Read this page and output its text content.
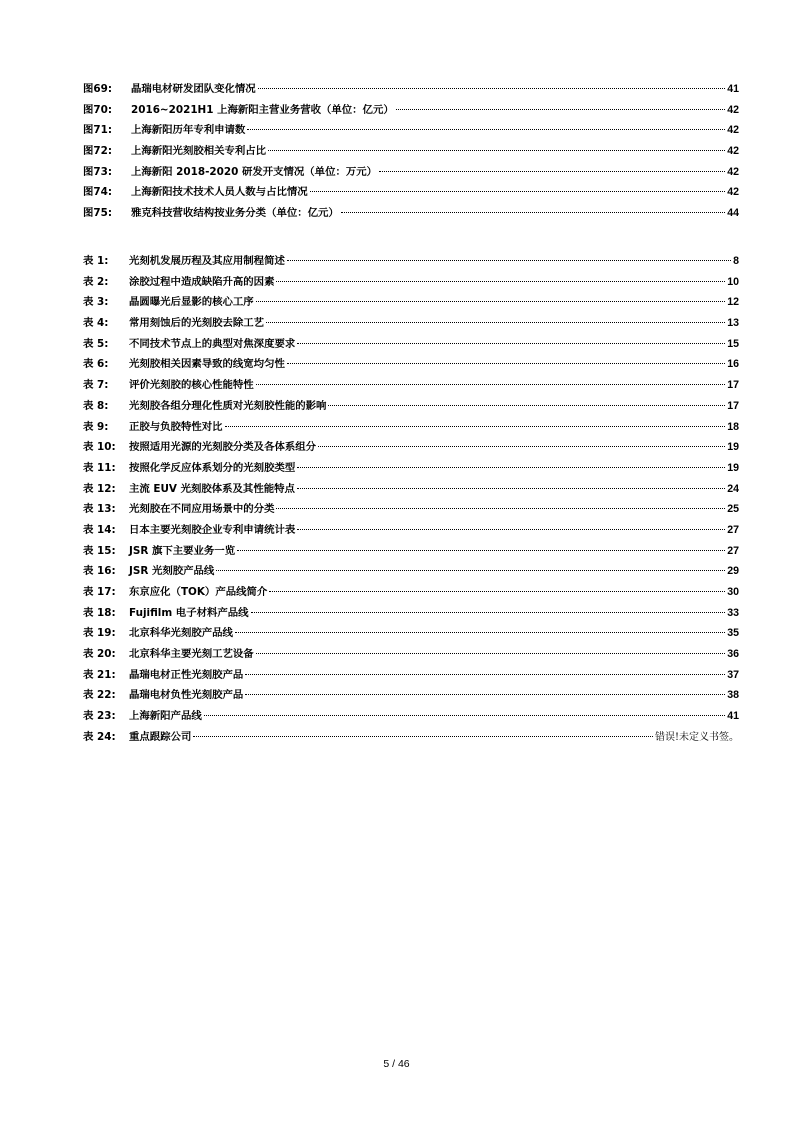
图69:	晶瑞电材研发团队变化情况	41
图70:	2016~2021H1 上海新阳主营业务营收（单位：亿元）	42
图71:	上海新阳历年专利申请数	42
图72:	上海新阳光刻胶相关专利占比	42
图73:	上海新阳 2018-2020 研发开支情况（单位：万元）	42
图74:	上海新阳技术技术人员人数与占比情况	42
图75:	雅克科技营收结构按业务分类（单位：亿元）	44
表 1:	光刻机发展历程及其应用制程简述	8
表 2:	涂胶过程中造成缺陷升高的因素	10
表 3:	晶圆曝光后显影的核心工序	12
表 4:	常用刻蚀后的光刻胶去除工艺	13
表 5:	不同技术节点上的典型对焦深度要求	15
表 6:	光刻胶相关因素导致的线宽均匀性	16
表 7:	评价光刻胶的核心性能特性	17
表 8:	光刻胶各组分理化性质对光刻胶性能的影响	17
表 9:	正胶与负胶特性对比	18
表 10:	按照适用光源的光刻胶分类及各体系组分	19
表 11:	按照化学反应体系划分的光刻胶类型	19
表 12:	主流 EUV 光刻胶体系及其性能特点	24
表 13:	光刻胶在不同应用场景中的分类	25
表 14:	日本主要光刻胶企业专利申请统计表	27
表 15:	JSR 旗下主要业务一览	27
表 16:	JSR 光刻胶产品线	29
表 17:	东京应化（TOK）产品线简介	30
表 18:	Fujifilm 电子材料产品线	33
表 19:	北京科华光刻胶产品线	35
表 20:	北京科华主要光刻工艺设备	36
表 21:	晶瑞电材正性光刻胶产品	37
表 22:	晶瑞电材负性光刻胶产品	38
表 23:	上海新阳产品线	41
表 24:	重点跟踪公司	错误!未定义书签。
5 / 46
